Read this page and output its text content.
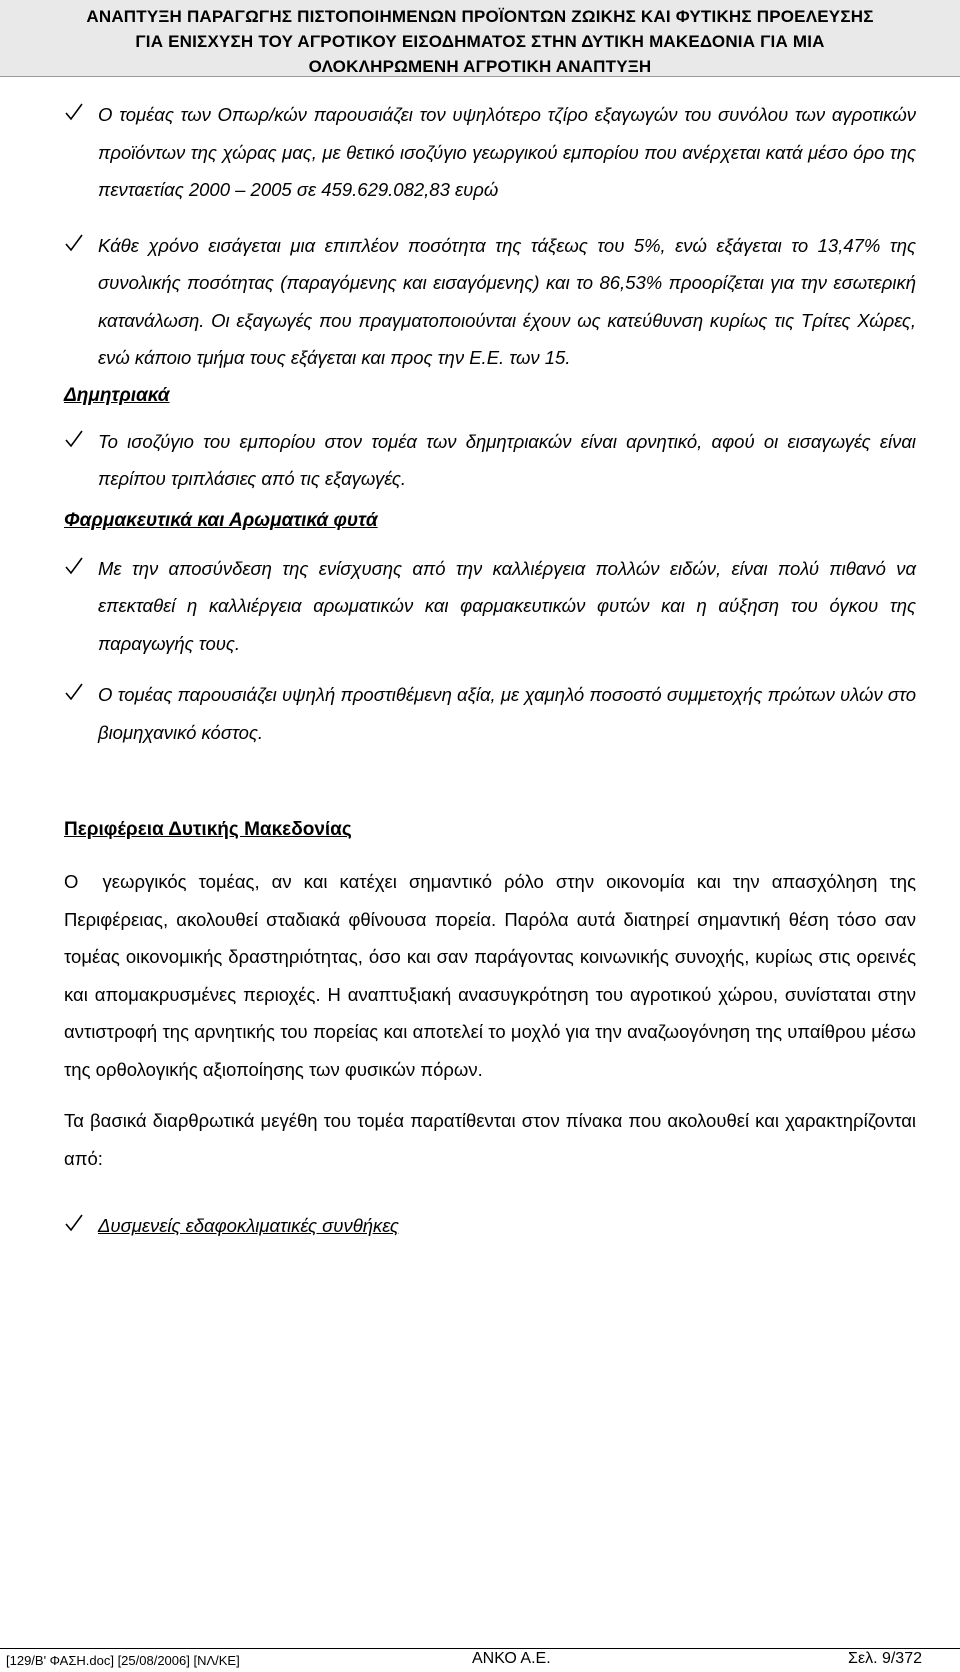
ΑΝΑΠΤΥΞΗ ΠΑΡΑΓΩΓΗΣ ΠΙΣΤΟΠΟΙΗΜΕΝΩΝ ΠΡΟΪΟΝΤΩΝ ΖΩΙΚΗΣ ΚΑΙ ΦΥΤΙΚΗΣ ΠΡΟΕΛΕΥΣΗΣ
ΓΙΑ ΕΝΙΣΧΥΣΗ ΤΟΥ ΑΓΡΟΤΙΚΟΥ ΕΙΣΟΔΗΜΑΤΟΣ ΣΤΗΝ ΔΥΤΙΚΗ ΜΑΚΕΔΟΝΙΑ ΓΙΑ ΜΙΑ
ΟΛΟΚΛΗΡΩΜΕΝΗ ΑΓΡΟΤΙΚΗ ΑΝΑΠΤΥΞΗ
Ο τομέας των Οπωρ/κών παρουσιάζει τον υψηλότερο τζίρο εξαγωγών του συνόλου των αγροτικών προϊόντων της χώρας μας, με θετικό ισοζύγιο γεωργικού εμπορίου που ανέρχεται κατά μέσο όρο της πενταετίας 2000 – 2005 σε 459.629.082,83 ευρώ
Κάθε χρόνο εισάγεται μια επιπλέον ποσότητα της τάξεως του 5%, ενώ εξάγεται το 13,47% της συνολικής ποσότητας (παραγόμενης και εισαγόμενης) και το 86,53% προορίζεται για την εσωτερική κατανάλωση. Οι εξαγωγές που πραγματοποιούνται έχουν ως κατεύθυνση κυρίως τις Τρίτες Χώρες, ενώ κάποιο τμήμα τους εξάγεται και προς την Ε.Ε. των 15.
Δημητριακά
Το ισοζύγιο του εμπορίου στον τομέα των δημητριακών είναι αρνητικό, αφού οι εισαγωγές είναι περίπου τριπλάσιες από τις εξαγωγές.
Φαρμακευτικά και Αρωματικά φυτά
Με την αποσύνδεση της ενίσχυσης από την καλλιέργεια πολλών ειδών, είναι πολύ πιθανό να επεκταθεί η καλλιέργεια αρωματικών και φαρμακευτικών φυτών και η αύξηση του όγκου της παραγωγής τους.
Ο τομέας παρουσιάζει υψηλή προστιθέμενη αξία, με χαμηλό ποσοστό συμμετοχής πρώτων υλών στο βιομηχανικό κόστος.
Περιφέρεια Δυτικής Μακεδονίας
Ο  γεωργικός τομέας, αν και κατέχει σημαντικό ρόλο στην οικονομία και την απασχόληση της Περιφέρειας, ακολουθεί σταδιακά φθίνουσα πορεία. Παρόλα αυτά διατηρεί σημαντική θέση τόσο σαν τομέας οικονομικής δραστηριότητας, όσο και σαν παράγοντας κοινωνικής συνοχής, κυρίως στις ορεινές και απομακρυσμένες περιοχές. Η αναπτυξιακή ανασυγκρότηση του αγροτικού χώρου, συνίσταται στην αντιστροφή της αρνητικής του πορείας και αποτελεί το μοχλό για την αναζωογόνηση της υπαίθρου μέσω της ορθολογικής αξιοποίησης των φυσικών πόρων.
Τα βασικά διαρθρωτικά μεγέθη του τομέα παρατίθενται στον πίνακα που ακολουθεί και χαρακτηρίζονται από:
Δυσμενείς εδαφοκλιματικές συνθήκες
[129/Β' ΦΑΣΗ.doc] [25/08/2006] [ΝΛ/ΚΕ]	ΑΝΚΟ Α.Ε.	Σελ. 9/372
